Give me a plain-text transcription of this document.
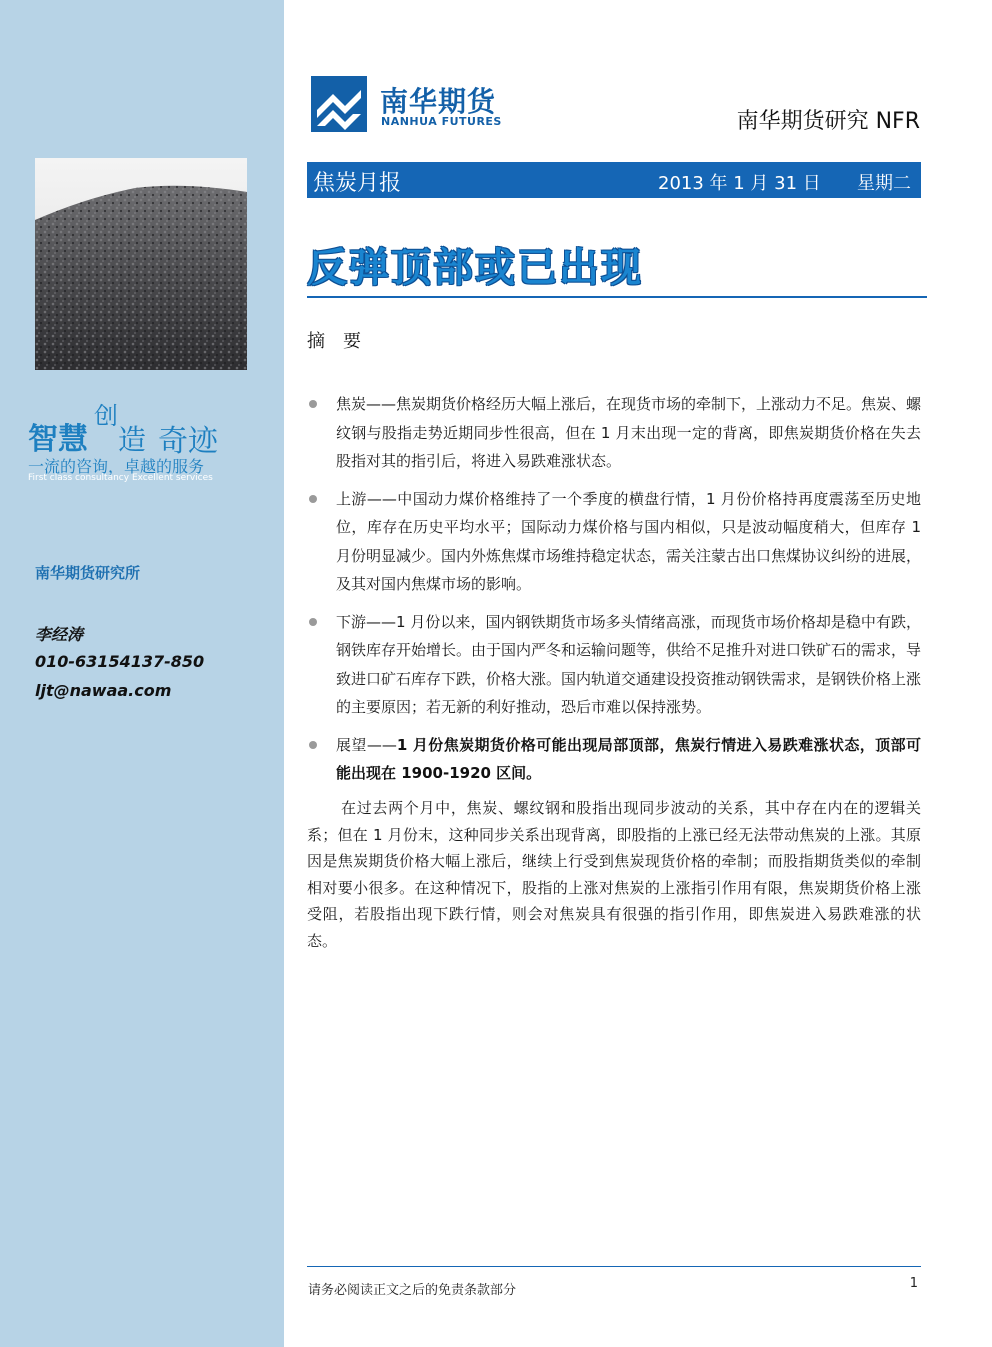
智慧
创
造 奇迹
一流的咨询，卓越的服务
First class consultancy Excellent services
南华期货研究所
李经涛
010-63154137-850
ljt@nawaa.com
南华期货
NANHUA FUTURES	南华期货研究 NFR
焦炭月报	2013 年 1 月 31 日 星期二
反弹顶部或已出现
摘要
焦炭——焦炭期货价格经历大幅上涨后，在现货市场的牵制下，上涨动力不足。焦炭、螺纹钢与股指走势近期同步性很高，但在 1 月末出现一定的背离，即焦炭期货价格在失去股指对其的指引后，将进入易跌难涨状态。
上游——中国动力煤价格维持了一个季度的横盘行情，1 月份价格持再度震荡至历史地位，库存在历史平均水平；国际动力煤价格与国内相似，只是波动幅度稍大，但库存 1 月份明显减少。国内外炼焦煤市场维持稳定状态，需关注蒙古出口焦煤协议纠纷的进展，及其对国内焦煤市场的影响。
下游——1 月份以来，国内钢铁期货市场多头情绪高涨，而现货市场价格却是稳中有跌，钢铁库存开始增长。由于国内严冬和运输问题等，供给不足推升对进口铁矿石的需求，导致进口矿石库存下跌，价格大涨。国内轨道交通建设投资推动钢铁需求，是钢铁价格上涨的主要原因；若无新的利好推动，恐后市难以保持涨势。
展望——1 月份焦炭期货价格可能出现局部顶部，焦炭行情进入易跌难涨状态，顶部可能出现在 1900-1920 区间。
在过去两个月中，焦炭、螺纹钢和股指出现同步波动的关系，其中存在内在的逻辑关系；但在 1 月份末，这种同步关系出现背离，即股指的上涨已经无法带动焦炭的上涨。其原因是焦炭期货价格大幅上涨后，继续上行受到焦炭现货价格的牵制；而股指期货类似的牵制相对要小很多。在这种情况下，股指的上涨对焦炭的上涨指引作用有限，焦炭期货价格上涨受阻，若股指出现下跌行情，则会对焦炭具有很强的指引作用，即焦炭进入易跌难涨的状态。
请务必阅读正文之后的免责条款部分	1
